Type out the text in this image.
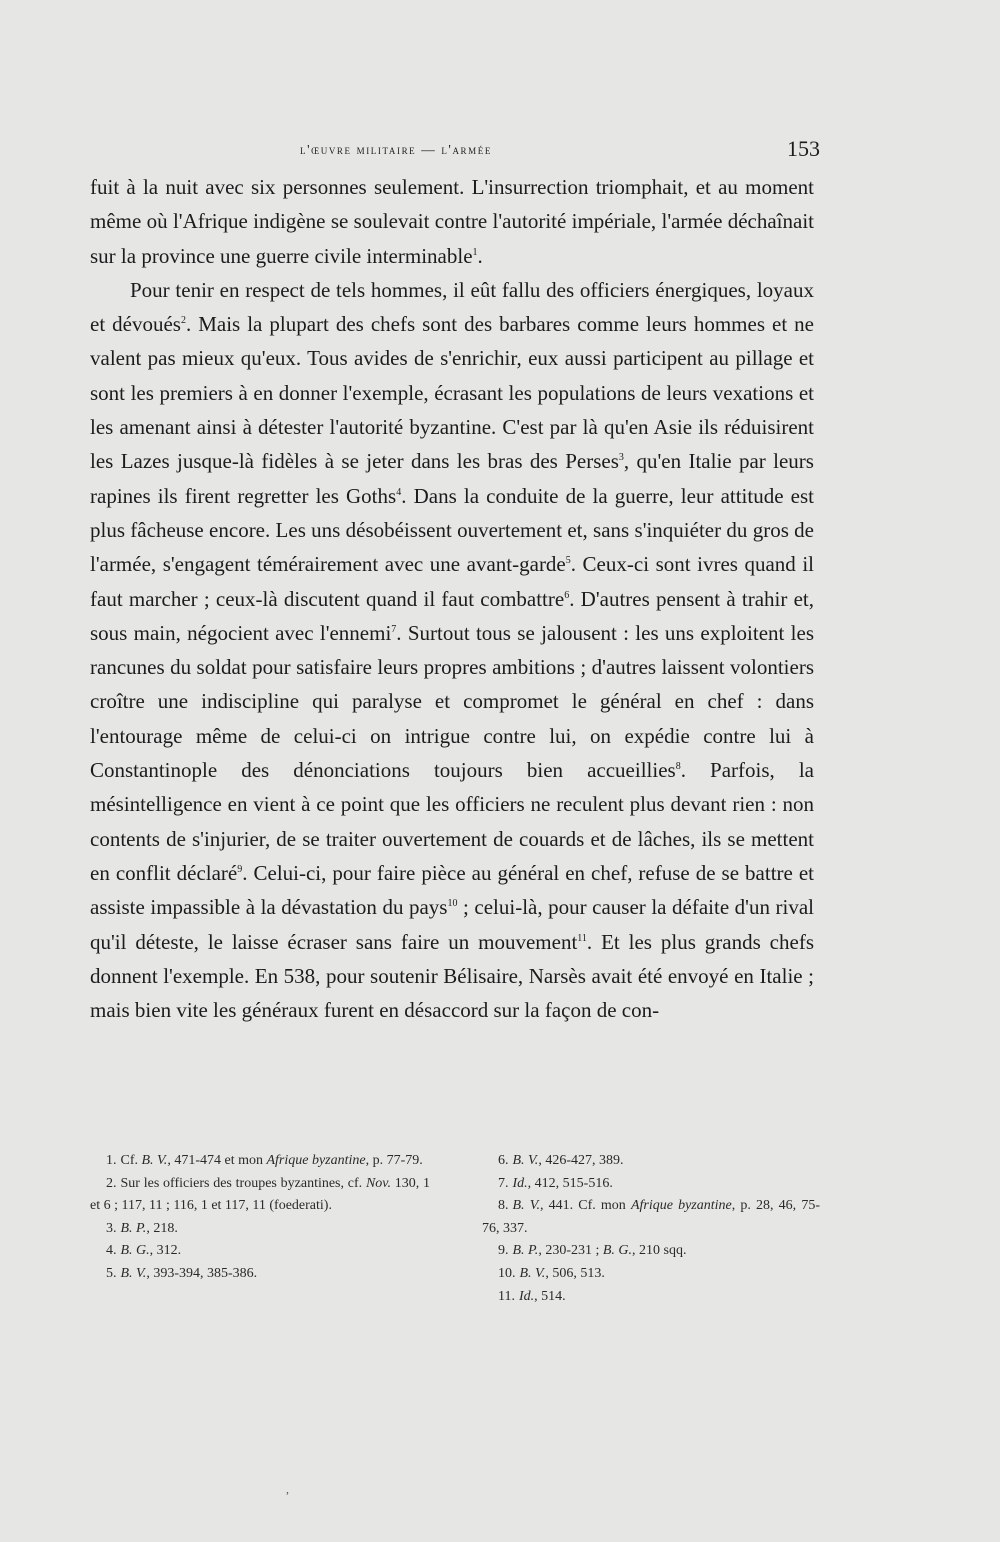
l'œuvre militaire — l'armée	153

fuit à la nuit avec six personnes seulement. L'insurrection triomphait, et au moment même où l'Afrique indigène se soulevait contre l'autorité impériale, l'armée déchaînait sur la province une guerre civile interminable$^1$.

Pour tenir en respect de tels hommes, il eût fallu des officiers énergiques, loyaux et dévoués$^2$. Mais la plupart des chefs sont des barbares comme leurs hommes et ne valent pas mieux qu'eux. Tous avides de s'enrichir, eux aussi participent au pillage et sont les premiers à en donner l'exemple, écrasant les populations de leurs vexations et les amenant ainsi à détester l'autorité byzantine. C'est par là qu'en Asie ils réduisirent les Lazes jusque-là fidèles à se jeter dans les bras des Perses$^3$, qu'en Italie par leurs rapines ils firent regretter les Goths$^4$. Dans la conduite de la guerre, leur attitude est plus fâcheuse encore. Les uns désobéissent ouvertement et, sans s'inquiéter du gros de l'armée, s'engagent témérairement avec une avant-garde$^5$. Ceux-ci sont ivres quand il faut marcher ; ceux-là discutent quand il faut combattre$^6$. D'autres pensent à trahir et, sous main, négocient avec l'ennemi$^7$. Surtout tous se jalousent : les uns exploitent les rancunes du soldat pour satisfaire leurs propres ambitions ; d'autres laissent volontiers croître une indiscipline qui paralyse et compromet le général en chef : dans l'entourage même de celui-ci on intrigue contre lui, on expédie contre lui à Constantinople des dénonciations toujours bien accueillies$^8$. Parfois, la mésintelligence en vient à ce point que les officiers ne reculent plus devant rien : non contents de s'injurier, de se traiter ouvertement de couards et de lâches, ils se mettent en conflit déclaré$^9$. Celui-ci, pour faire pièce au général en chef, refuse de se battre et assiste impassible à la dévastation du pays$^{10}$ ; celui-là, pour causer la défaite d'un rival qu'il déteste, le laisse écraser sans faire un mouvement$^{11}$. Et les plus grands chefs donnent l'exemple. En 538, pour soutenir Bélisaire, Narsès avait été envoyé en Italie ; mais bien vite les généraux furent en désaccord sur la façon de con-

1. Cf. B. V., 471-474 et mon Afrique byzantine, p. 77-79.

2. Sur les officiers des troupes byzantines, cf. Nov. 130, 1 et 6 ; 117, 11 ; 116, 1 et 117, 11 (foederati).

3. B. P., 218.

4. B. G., 312.

5. B. V., 393-394, 385-386.

6. B. V., 426-427, 389.

7. Id., 412, 515-516.

8. B. V., 441. Cf. mon Afrique byzantine, p. 28, 46, 75-76, 337.

9. B. P., 230-231 ; B. G., 210 sqq.

10. B. V., 506, 513.

11. Id., 514.

,
